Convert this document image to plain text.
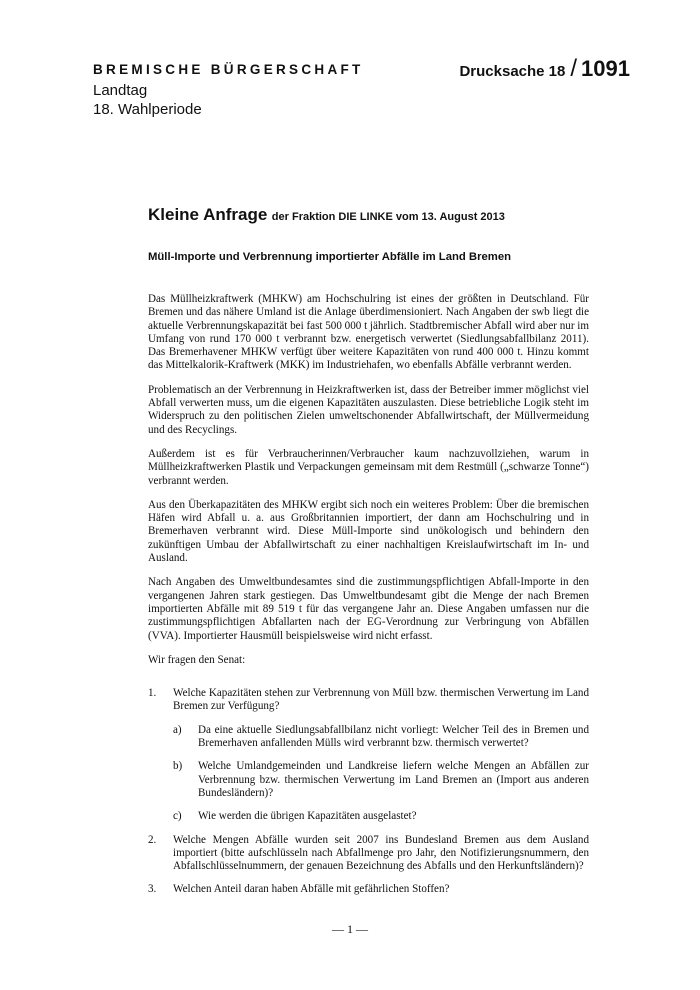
BREMISCHE BÜRGERSCHAFT
Landtag
18. Wahlperiode
Drucksache 18 / 1091
Kleine Anfrage der Fraktion DIE LINKE vom 13. August 2013
Müll-Importe und Verbrennung importierter Abfälle im Land Bremen

Das Müllheizkraftwerk (MHKW) am Hochschulring ist eines der größten in Deutschland. Für Bremen und das nähere Umland ist die Anlage überdimensioniert. Nach Angaben der swb liegt die aktuelle Verbrennungskapazität bei fast 500 000 t jährlich. Stadtbremischer Abfall wird aber nur im Umfang von rund 170 000 t verbrannt bzw. energetisch verwertet (Siedlungsabfallbilanz 2011). Das Bremerhavener MHKW verfügt über weitere Kapazitäten von rund 400 000 t. Hinzu kommt das Mittelkalorik-Kraftwerk (MKK) im Industriehafen, wo ebenfalls Abfälle verbrannt werden.

Problematisch an der Verbrennung in Heizkraftwerken ist, dass der Betreiber immer möglichst viel Abfall verwerten muss, um die eigenen Kapazitäten auszulasten. Diese betriebliche Logik steht im Widerspruch zu den politischen Zielen umweltschonender Abfallwirtschaft, der Müllvermeidung und des Recyclings.

Außerdem ist es für Verbraucherinnen/Verbraucher kaum nachzuvollziehen, warum in Müllheizkraftwerken Plastik und Verpackungen gemeinsam mit dem Restmüll („schwarze Tonne“) verbrannt werden.

Aus den Überkapazitäten des MHKW ergibt sich noch ein weiteres Problem: Über die bremischen Häfen wird Abfall u. a. aus Großbritannien importiert, der dann am Hochschulring und in Bremerhaven verbrannt wird. Diese Müll-Importe sind unökologisch und behindern den zukünftigen Umbau der Abfallwirtschaft zu einer nachhaltigen Kreislaufwirtschaft im In- und Ausland.

Nach Angaben des Umweltbundesamtes sind die zustimmungspflichtigen Abfall-Importe in den vergangenen Jahren stark gestiegen. Das Umweltbundesamt gibt die Menge der nach Bremen importierten Abfälle mit 89 519 t für das vergangene Jahr an. Diese Angaben umfassen nur die zustimmungspflichtigen Abfallarten nach der EG-Verordnung zur Verbringung von Abfällen (VVA). Importierter Hausmüll beispielsweise wird nicht erfasst.

Wir fragen den Senat:

1.	Welche Kapazitäten stehen zur Verbrennung von Müll bzw. thermischen Verwertung im Land Bremen zur Verfügung?
a)	Da eine aktuelle Siedlungsabfallbilanz nicht vorliegt: Welcher Teil des in Bremen und Bremerhaven anfallenden Mülls wird verbrannt bzw. thermisch verwertet?
b)	Welche Umlandgemeinden und Landkreise liefern welche Mengen an Abfällen zur Verbrennung bzw. thermischen Verwertung im Land Bremen an (Import aus anderen Bundesländern)?
c)	Wie werden die übrigen Kapazitäten ausgelastet?
2.	Welche Mengen Abfälle wurden seit 2007 ins Bundesland Bremen aus dem Ausland importiert (bitte aufschlüsseln nach Abfallmenge pro Jahr, den Notifizierungsnummern, den Abfallschlüsselnummern, der genauen Bezeichnung des Abfalls und den Herkunftsländern)?
3.	Welchen Anteil daran haben Abfälle mit gefährlichen Stoffen?
— 1 —
